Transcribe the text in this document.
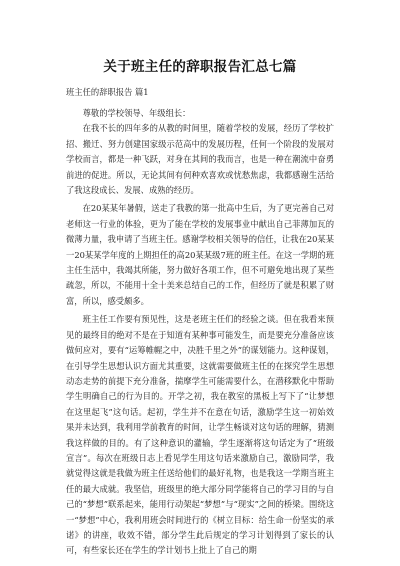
关于班主任的辞职报告汇总七篇
班主任的辞职报告 篇1

尊敬的学校领导、年级组长：

在我不长的四年多的从教的时间里，随着学校的发展，经历了学校扩招、搬迁、努力创建国家级示范高中的发展历程，任何一个阶段的发展对学校而言，都是一种飞跃，对身在其间的我而言，也是一种在潮流中奋勇前进的促进。所以，无论其间有何种欢喜欢或忧愁焦虑，我都感谢生活给了我这段成长、发展、成熟的经历。

在20某某年暑假，送走了我教的第一批高中生后，为了更完善自己对老师这一行业的体验，更为了能在学校的发展事业中献出自己菲薄加瓦的微薄力量，我申请了当班主任。感谢学校相关领导的信任，让我在20某某一20某某学年度的上期担任的高20某某级7班的班主任。在这一学期的班主任生活中，我竭其所能，努力做好各项工作，但不可避免地出现了某些疏忽，所以，不能用十全十美来总结自己的工作，但经历了就是积累了财富，所以，感受颇多。

班主任工作要有预见性，这是老班主任们的经验之谈。但在我看来预见的最终目的绝对不是在于知道有某种事可能发生，而是要充分准备应该做何应对，要有“运筹帷幄之中，决胜千里之外”的谋划能力。这种谋划，在引导学生思想认识方面尤其重要，这就需要做班主任的在探究学生思想动态走势的前提下充分准备，揣摩学生可能需要什么，在潜移默化中帮助学生明确自己的行为目的。开学之初，我在教室的黑板上写下了“让梦想在这里起飞”这句话。起初，学生并不在意在句话，激励学生这一初始效果并未达到，我利用学前教育的时间，让学生畅谈对这句话的理解，猜测我这样做的目的。有了这种意识的灌输，学生逐渐将这句话定为了“班级宣言”。每次在班级日志上看见学生用这句话来激励自己，激励同学，我就觉得这就是我做为班主任送给他们的最好礼物，也是我这一学期当班主任的最大成就。我坚信，班级里的绝大部分同学能将自己的学习目的与自己的“梦想”联系起来，能用行动架起“梦想”与“现实”之间的桥梁。围绕这一“梦想”中心，我利用班会时间进行的《树立目标：给生命一份坚实的承诺》的讲座，收效不错，部分学生此后规定的学习计划得到了家长的认可，有些家长还在学生的学计划书上批上了自己的期
